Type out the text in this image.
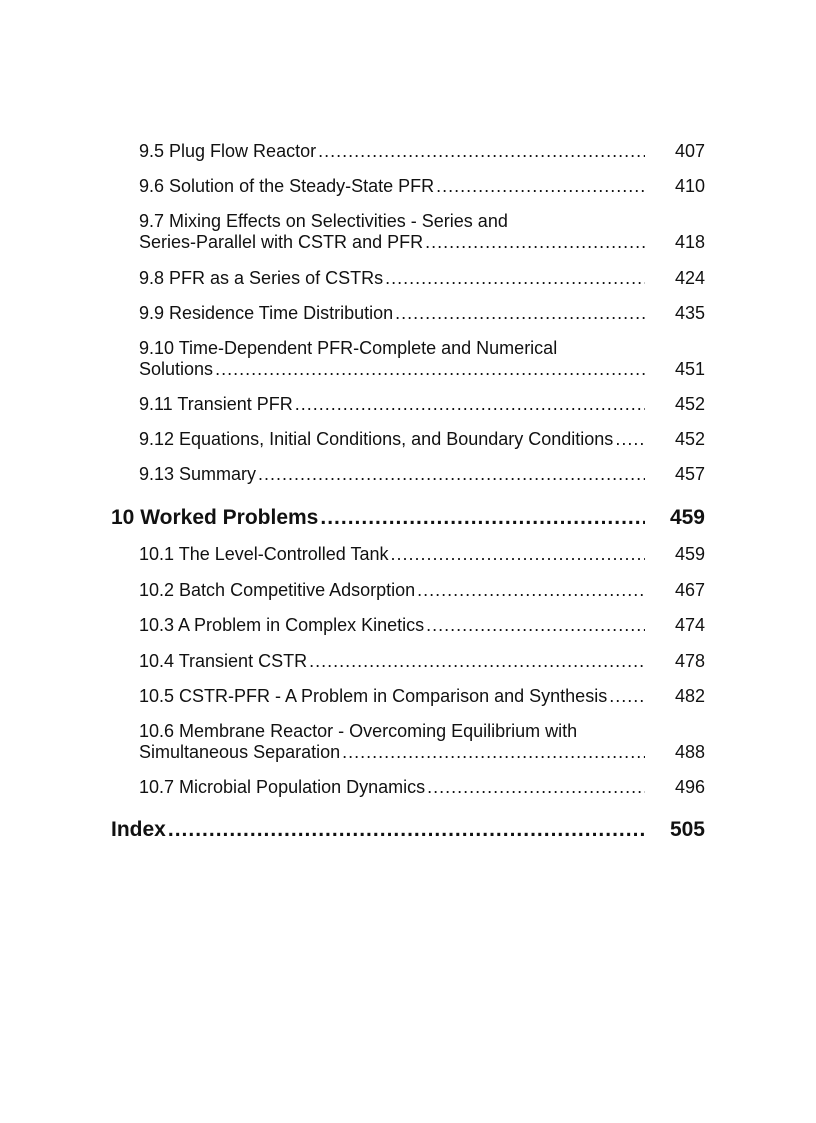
9.5 Plug Flow Reactor .....	407
9.6 Solution of the Steady-State PFR .....	410
9.7 Mixing Effects on Selectivities - Series and
Series-Parallel with CSTR and PFR .....	418
9.8 PFR as a Series of CSTRs .....	424
9.9 Residence Time Distribution .....	435
9.10 Time-Dependent PFR-Complete and Numerical
Solutions .....	451
9.11 Transient PFR .....	452
9.12 Equations, Initial Conditions, and Boundary Conditions .....	452
9.13 Summary .....	457
10 Worked Problems .....	459
10.1 The Level-Controlled Tank .....	459
10.2 Batch Competitive Adsorption .....	467
10.3 A Problem in Complex Kinetics .....	474
10.4 Transient CSTR .....	478
10.5 CSTR-PFR - A Problem in Comparison and Synthesis .....	482
10.6 Membrane Reactor - Overcoming Equilibrium with
Simultaneous Separation .....	488
10.7 Microbial Population Dynamics .....	496
Index .....	505
